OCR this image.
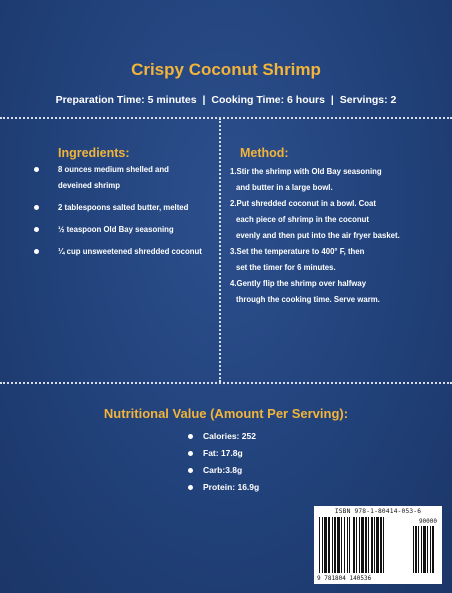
Crispy Coconut Shrimp
Preparation Time: 5 minutes | Cooking Time: 6 hours | Servings: 2
Ingredients:
8 ounces medium shelled and
deveined shrimp
2 tablespoons salted butter, melted
½ teaspoon Old Bay seasoning
¼ cup unsweetened shredded coconut
Method:
1.Stir the shrimp with Old Bay seasoning
and butter in a large bowl.
2.Put shredded coconut in a bowl. Coat
each piece of shrimp in the coconut
evenly and then put into the air fryer basket.
3.Set the temperature to 400° F, then
set the timer for 6 minutes.
4.Gently flip the shrimp over halfway
through the cooking time. Serve warm.
Nutritional Value (Amount Per Serving):
Calories: 252
Fat: 17.8g
Carb:3.8g
Protein: 16.9g
ISBN 978-1-80414-053-6
9 781804 140536
90000
